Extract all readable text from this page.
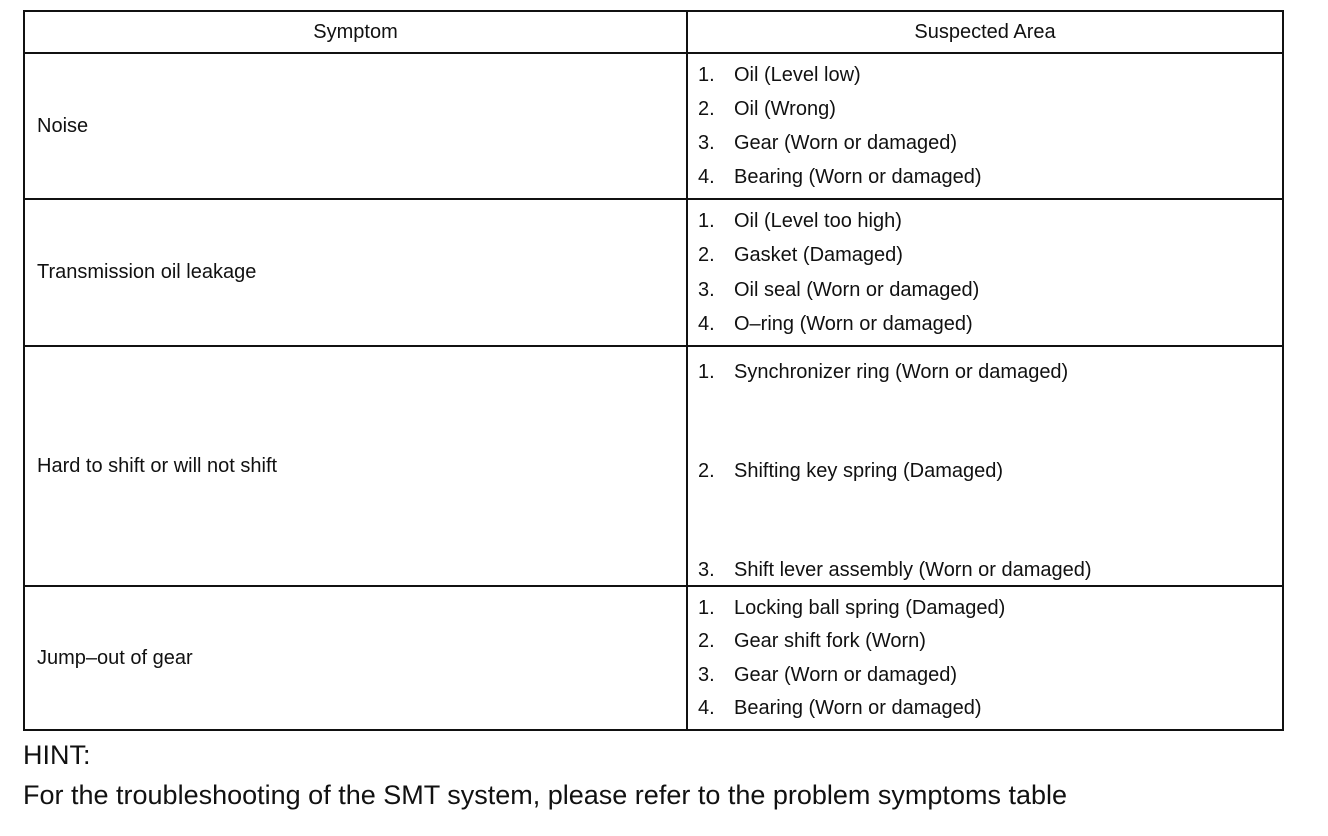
Symptom	Suspected Area
Noise
1. Oil (Level low)
2. Oil (Wrong)
3. Gear (Worn or damaged)
4. Bearing (Worn or damaged)
Transmission oil leakage
1. Oil (Level too high)
2. Gasket (Damaged)
3. Oil seal (Worn or damaged)
4. O–ring (Worn or damaged)
Hard to shift or will not shift
1. Synchronizer ring (Worn or damaged)
2. Shifting key spring (Damaged)
3. Shift lever assembly (Worn or damaged)
Jump–out of gear
1. Locking ball spring (Damaged)
2. Gear shift fork (Worn)
3. Gear (Worn or damaged)
4. Bearing (Worn or damaged)
HINT:
For the troubleshooting of the SMT system, please refer to the problem symptoms table
